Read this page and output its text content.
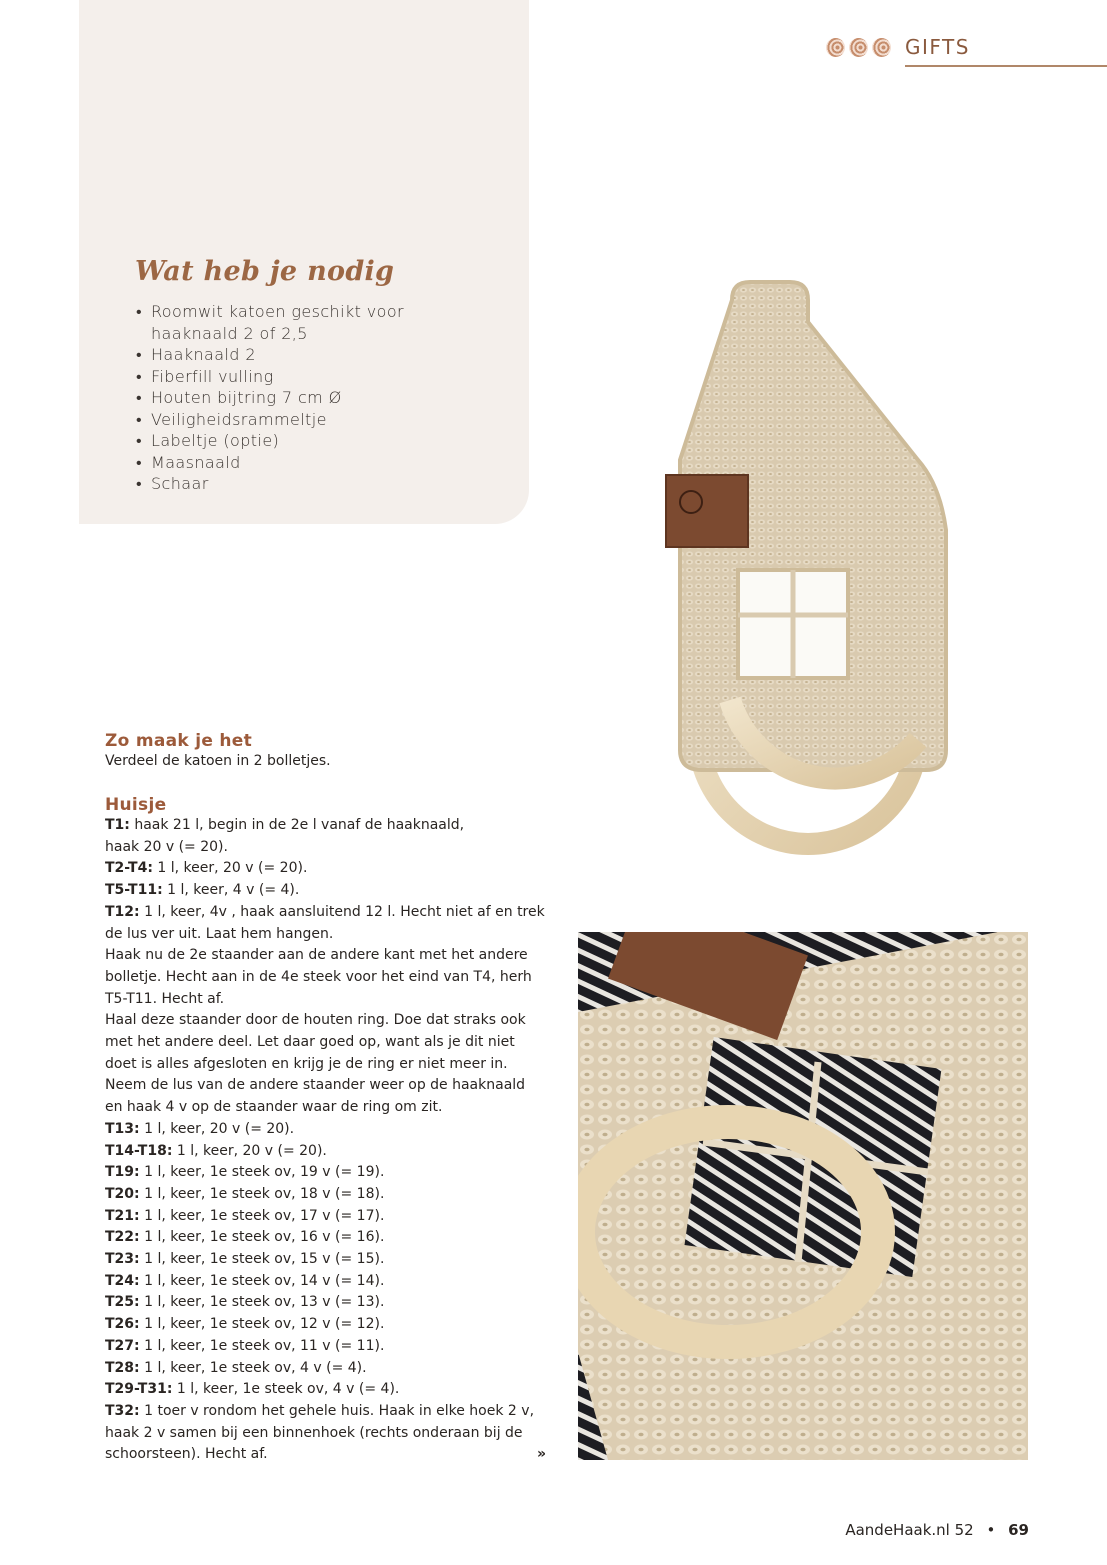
GIFTS
Wat heb je nodig
• Roomwit katoen geschikt voor
haaknaald 2 of 2,5
• Haaknaald 2
• Fiberfill vulling
• Houten bijtring 7 cm Ø
• Veiligheidsrammeltje
• Labeltje (optie)
• Maasnaald
• Schaar
Zo maak je het
Verdeel de katoen in 2 bolletjes.
Huisje
T1: haak 21 l, begin in de 2e l vanaf de haaknaald,
haak 20 v (= 20).
T2-T4: 1 l, keer, 20 v (= 20).
T5-T11: 1 l, keer, 4 v (= 4).
T12: 1 l, keer, 4v , haak aansluitend 12 l. Hecht niet af en trek
de lus ver uit. Laat hem hangen.
Haak nu de 2e staander aan de andere kant met het andere
bolletje. Hecht aan in de 4e steek voor het eind van T4, herh
T5-T11. Hecht af.
Haal deze staander door de houten ring. Doe dat straks ook
met het andere deel. Let daar goed op, want als je dit niet
doet is alles afgesloten en krijg je de ring er niet meer in.
Neem de lus van de andere staander weer op de haaknaald
en haak 4 v op de staander waar de ring om zit.
T13: 1 l, keer, 20 v (= 20).
T14-T18: 1 l, keer, 20 v (= 20).
T19: 1 l, keer, 1e steek ov, 19 v (= 19).
T20: 1 l, keer, 1e steek ov, 18 v (= 18).
T21: 1 l, keer, 1e steek ov, 17 v (= 17).
T22: 1 l, keer, 1e steek ov, 16 v (= 16).
T23: 1 l, keer, 1e steek ov, 15 v (= 15).
T24: 1 l, keer, 1e steek ov, 14 v (= 14).
T25: 1 l, keer, 1e steek ov, 13 v (= 13).
T26: 1 l, keer, 1e steek ov, 12 v (= 12).
T27: 1 l, keer, 1e steek ov, 11 v (= 11).
T28: 1 l, keer, 1e steek ov, 4 v (= 4).
T29-T31: 1 l, keer, 1e steek ov, 4 v (= 4).
T32: 1 toer v rondom het gehele huis. Haak in elke hoek 2 v,
haak 2 v samen bij een binnenhoek (rechts onderaan bij de
schoorsteen). Hecht af.	»
AandeHaak.nl 52 • 69
